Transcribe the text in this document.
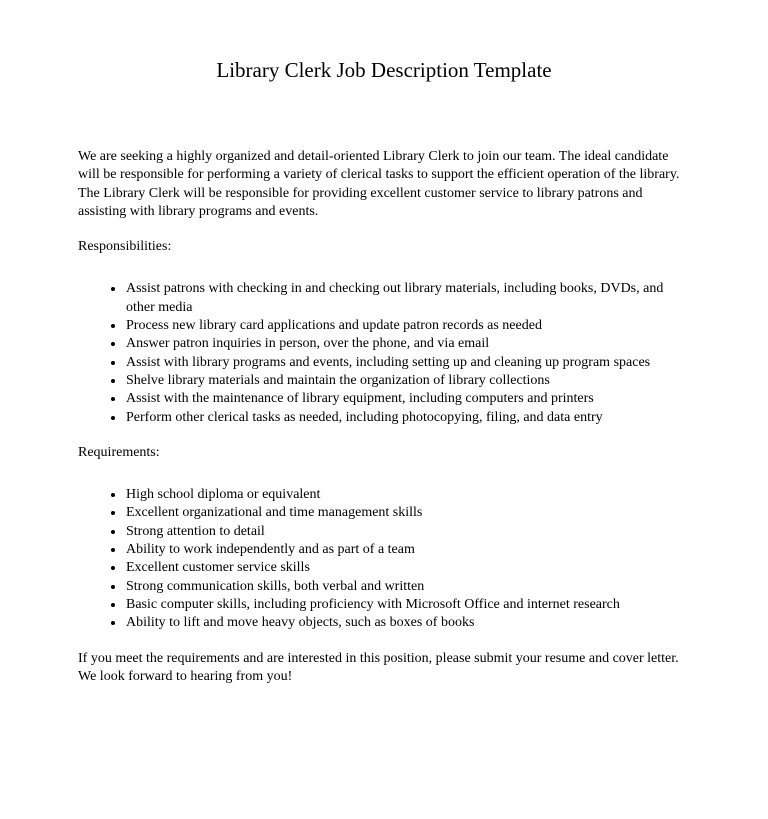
Library Clerk Job Description Template

We are seeking a highly organized and detail-oriented Library Clerk to join our team. The ideal candidate will be responsible for performing a variety of clerical tasks to support the efficient operation of the library. The Library Clerk will be responsible for providing excellent customer service to library patrons and assisting with library programs and events.

Responsibilities:

• Assist patrons with checking in and checking out library materials, including books, DVDs, and other media
• Process new library card applications and update patron records as needed
• Answer patron inquiries in person, over the phone, and via email
• Assist with library programs and events, including setting up and cleaning up program spaces
• Shelve library materials and maintain the organization of library collections
• Assist with the maintenance of library equipment, including computers and printers
• Perform other clerical tasks as needed, including photocopying, filing, and data entry

Requirements:

• High school diploma or equivalent
• Excellent organizational and time management skills
• Strong attention to detail
• Ability to work independently and as part of a team
• Excellent customer service skills
• Strong communication skills, both verbal and written
• Basic computer skills, including proficiency with Microsoft Office and internet research
• Ability to lift and move heavy objects, such as boxes of books

If you meet the requirements and are interested in this position, please submit your resume and cover letter. We look forward to hearing from you!
